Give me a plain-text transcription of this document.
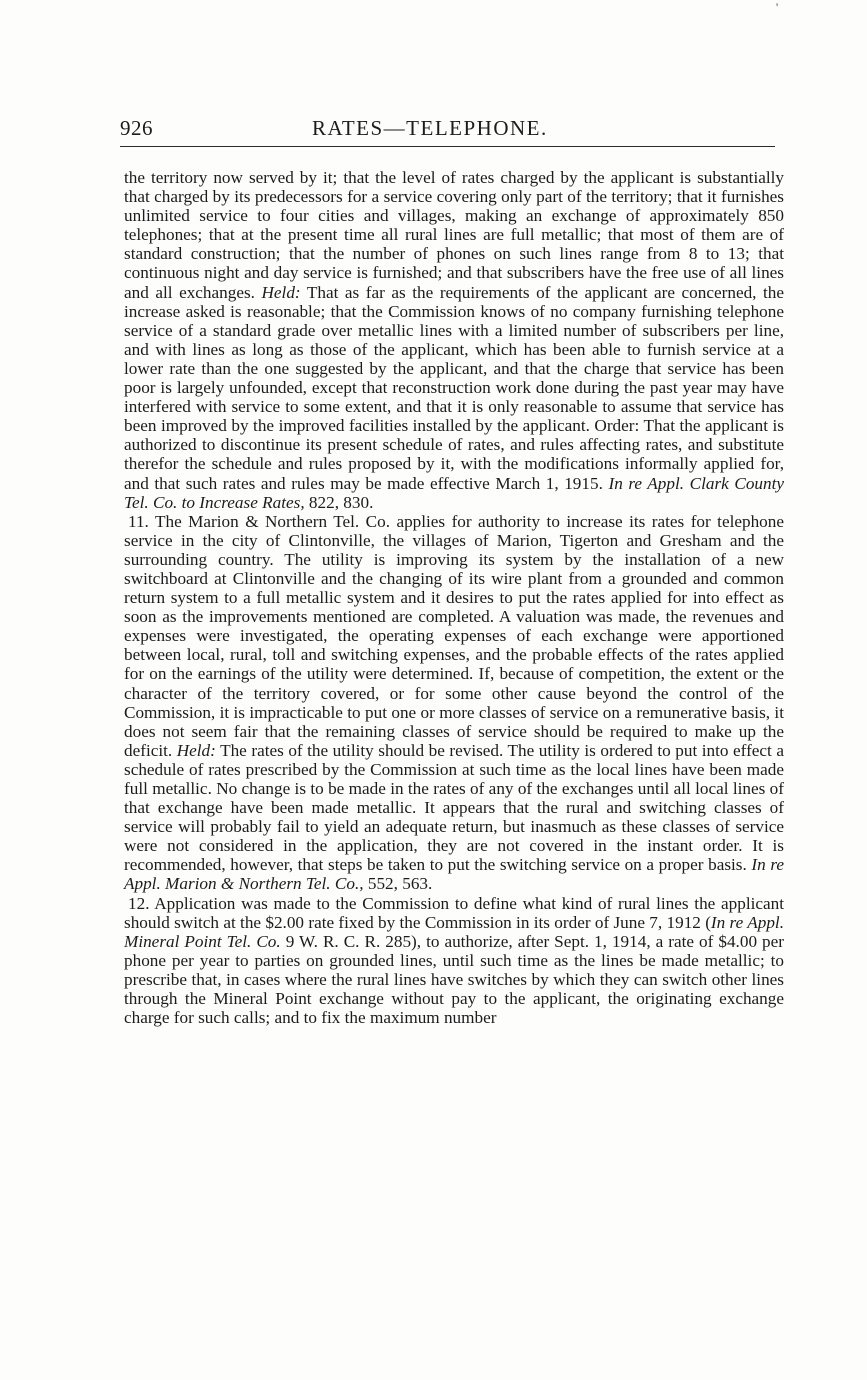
'
926	RATES—TELEPHONE.

the territory now served by it; that the level of rates charged by the applicant is substantially that charged by its predecessors for a service covering only part of the territory; that it furnishes unlimited service to four cities and villages, making an exchange of approximately 850 telephones; that at the present time all rural lines are full metallic; that most of them are of standard construction; that the number of phones on such lines range from 8 to 13; that continuous night and day service is furnished; and that subscribers have the free use of all lines and all exchanges. Held: That as far as the requirements of the applicant are concerned, the increase asked is reasonable; that the Commission knows of no company furnishing telephone service of a standard grade over metallic lines with a limited number of subscribers per line, and with lines as long as those of the applicant, which has been able to furnish service at a lower rate than the one suggested by the applicant, and that the charge that service has been poor is largely unfounded, except that reconstruction work done during the past year may have interfered with service to some extent, and that it is only reasonable to assume that service has been improved by the improved facilities installed by the applicant. Order: That the applicant is authorized to discontinue its present schedule of rates, and rules affecting rates, and substitute therefor the schedule and rules proposed by it, with the modifications informally applied for, and that such rates and rules may be made effective March 1, 1915. In re Appl. Clark County Tel. Co. to Increase Rates, 822, 830.

11. The Marion & Northern Tel. Co. applies for authority to increase its rates for telephone service in the city of Clintonville, the villages of Marion, Tigerton and Gresham and the surrounding country. The utility is improving its system by the installation of a new switchboard at Clintonville and the changing of its wire plant from a grounded and common return system to a full metallic system and it desires to put the rates applied for into effect as soon as the improvements mentioned are completed. A valuation was made, the revenues and expenses were investigated, the operating expenses of each exchange were apportioned between local, rural, toll and switching expenses, and the probable effects of the rates applied for on the earnings of the utility were determined. If, because of competition, the extent or the character of the territory covered, or for some other cause beyond the control of the Commission, it is impracticable to put one or more classes of service on a remunerative basis, it does not seem fair that the remaining classes of service should be required to make up the deficit. Held: The rates of the utility should be revised. The utility is ordered to put into effect a schedule of rates prescribed by the Commission at such time as the local lines have been made full metallic. No change is to be made in the rates of any of the exchanges until all local lines of that exchange have been made metallic. It appears that the rural and switching classes of service will probably fail to yield an adequate return, but inasmuch as these classes of service were not considered in the application, they are not covered in the instant order. It is recommended, however, that steps be taken to put the switching service on a proper basis. In re Appl. Marion & Northern Tel. Co., 552, 563.

12. Application was made to the Commission to define what kind of rural lines the applicant should switch at the $2.00 rate fixed by the Commission in its order of June 7, 1912 (In re Appl. Mineral Point Tel. Co. 9 W. R. C. R. 285), to authorize, after Sept. 1, 1914, a rate of $4.00 per phone per year to parties on grounded lines, until such time as the lines be made metallic; to prescribe that, in cases where the rural lines have switches by which they can switch other lines through the Mineral Point exchange without pay to the applicant, the originating exchange charge for such calls; and to fix the maximum number
